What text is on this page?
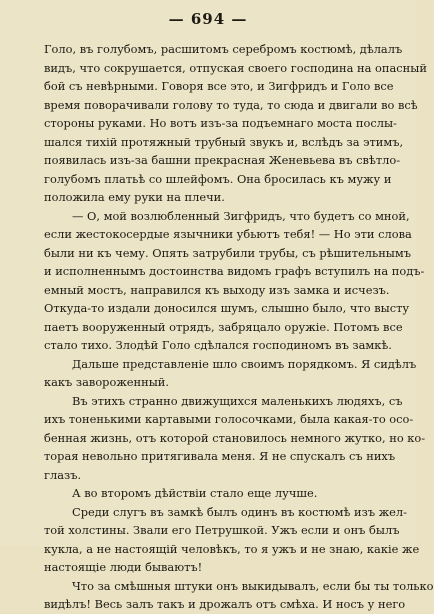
— 694 —
Голо, въ голубомъ, расшитомъ серебромъ костюмѣ, дѣлалъ
видъ, что сокрушается, отпуская своего господина на опасный
бой съ невѣрными. Говоря все это, и Зигфридъ и Голо все
время поворачивали голову то туда, то сюда и двигали во всѣ
стороны руками. Но вотъ изъ-за подъемнаго моста послы-
шался тихій протяжный трубный звукъ и, вслѣдъ за этимъ,
появилась изъ-за башни прекрасная Женевьева въ свѣтло-
голубомъ платьѣ со шлейфомъ. Она бросилась къ мужу и
положила ему руки на плечи.
— О, мой возлюбленный Зигфридъ, что будетъ со мной,
если жестокосердые язычники убьютъ тебя! — Но эти слова
были ни къ чему. Опять затрубили трубы, съ рѣшительнымъ
и исполненнымъ достоинства видомъ графъ вступилъ на подъ-
емный мостъ, направился къ выходу изъ замка и исчезъ.
Откуда-то издали доносился шумъ, слышно было, что высту
паетъ вооруженный отрядъ, забряцало оружіе. Потомъ все
стало тихо. Злодѣй Голо сдѣлался господиномъ въ замкѣ.
Дальше представленіе шло своимъ порядкомъ. Я сидѣлъ
какъ завороженный.
Въ этихъ странно движущихся маленькихъ людяхъ, съ
ихъ тоненькими картавыми голосочками, была какая-то осо-
бенная жизнь, отъ которой становилось немного жутко, но ко-
торая невольно притягивала меня. Я не спускалъ съ нихъ
глазъ.
А во второмъ дѣйствіи стало еще лучше.
Среди слугъ въ замкѣ былъ одинъ въ костюмѣ изъ жел-
той холстины. Звали его Петрушкой. Ужъ если и онъ былъ
кукла, а не настоящій человѣкъ, то я ужъ и не знаю, какіе же
настоящіе люди бываютъ!
Что за смѣшныя штуки онъ выкидывалъ, если бы ты только
видѣлъ! Весь залъ такъ и дрожалъ отъ смѣха. И носъ у него
